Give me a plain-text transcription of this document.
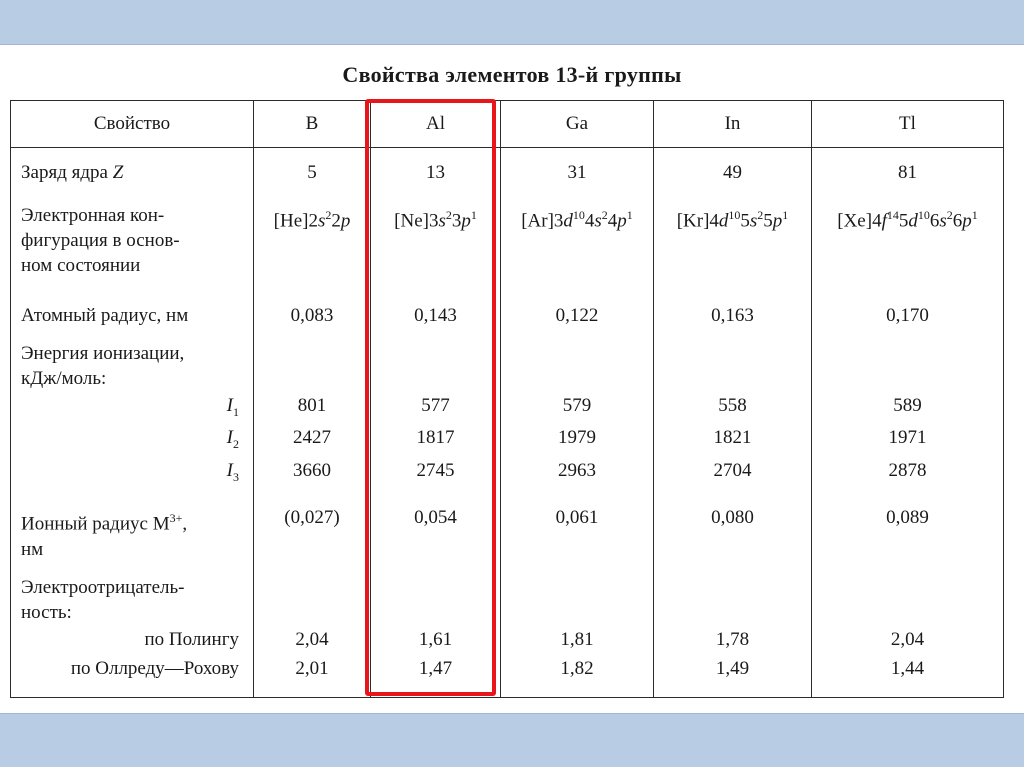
Свойства элементов 13-й группы
Свойство	B	Al	Ga	In	Tl
Заряд ядра Z	5	13	31	49	81

Электронная кон-
фигурация в основ-
ном состоянии	$[He]2s^22p$	$[Ne]3s^23p^1$	$[Ar]3d^{10}4s^24p^1$	$[Kr]4d^{10}5s^25p^1$	$[Xe]4f^{14}5d^{10}6s^26p^1$
Атомный радиус, нм	0,083	0,143	0,122	0,163	0,170

Энергия ионизации,
кДж/моль:					

$I_1$	801	577	579	558	589
$I_2$	2427	1817	1979	1821	1971
$I_3$	3660	2745	2963	2704	2878

Ионный радиус $M^{3+}$,
нм	(0,027)	0,054	0,061	0,080	0,089

Электроотрицатель-
ность:					

по Полингу	2,04	1,61	1,81	1,78	2,04
по Оллреду—Рохову	2,01	1,47	1,82	1,49	1,44
